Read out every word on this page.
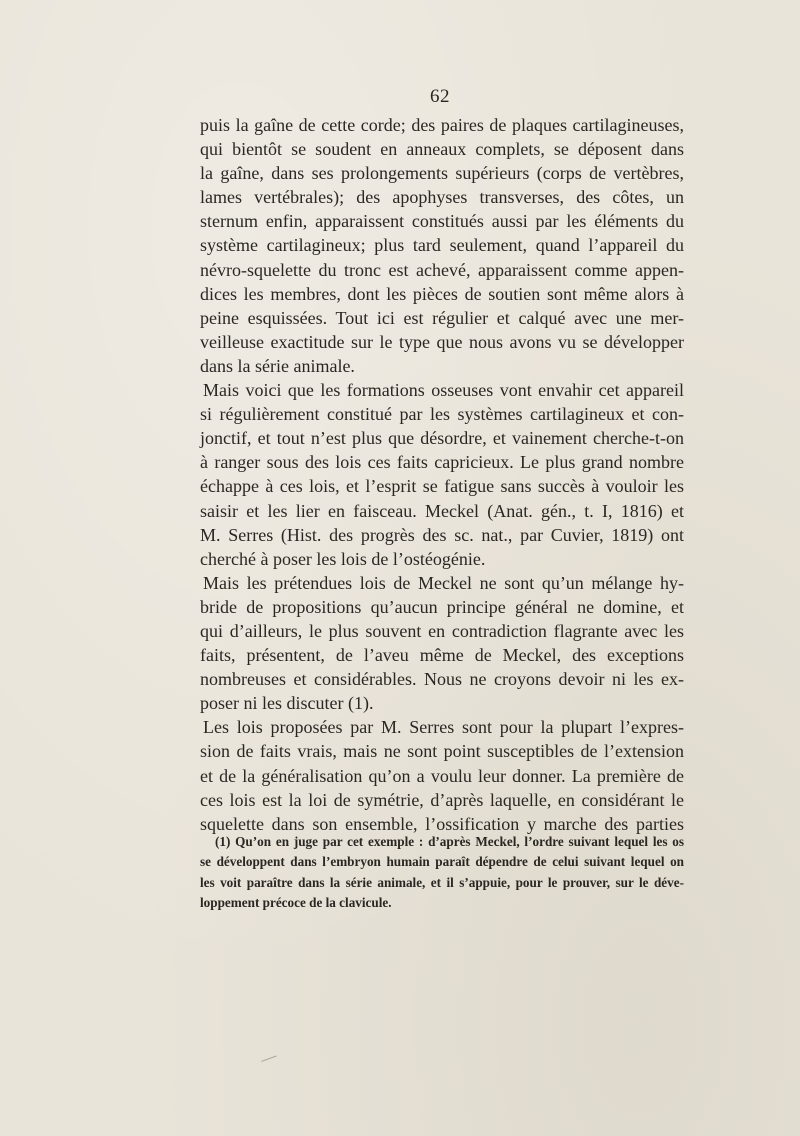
62
puis la gaîne de cette corde; des paires de plaques cartilagineuses,
qui bientôt se soudent en anneaux complets, se déposent dans
la gaîne, dans ses prolongements supérieurs (corps de vertèbres,
lames vertébrales); des apophyses transverses, des côtes, un
sternum enfin, apparaissent constitués aussi par les éléments du
système cartilagineux; plus tard seulement, quand l’appareil du
névro-squelette du tronc est achevé, apparaissent comme appen-
dices les membres, dont les pièces de soutien sont même alors à
peine esquissées. Tout ici est régulier et calqué avec une mer-
veilleuse exactitude sur le type que nous avons vu se développer
dans la série animale.
Mais voici que les formations osseuses vont envahir cet appareil
si régulièrement constitué par les systèmes cartilagineux et con-
jonctif, et tout n’est plus que désordre, et vainement cherche-t-on
à ranger sous des lois ces faits capricieux. Le plus grand nombre
échappe à ces lois, et l’esprit se fatigue sans succès à vouloir les
saisir et les lier en faisceau. Meckel (Anat. gén., t. I, 1816) et
M. Serres (Hist. des progrès des sc. nat., par Cuvier, 1819) ont
cherché à poser les lois de l’ostéogénie.
Mais les prétendues lois de Meckel ne sont qu’un mélange hy-
bride de propositions qu’aucun principe général ne domine, et
qui d’ailleurs, le plus souvent en contradiction flagrante avec les
faits, présentent, de l’aveu même de Meckel, des exceptions
nombreuses et considérables. Nous ne croyons devoir ni les ex-
poser ni les discuter (1).
Les lois proposées par M. Serres sont pour la plupart l’expres-
sion de faits vrais, mais ne sont point susceptibles de l’extension
et de la généralisation qu’on a voulu leur donner. La première de
ces lois est la loi de symétrie, d’après laquelle, en considérant le
squelette dans son ensemble, l’ossification y marche des parties
(1) Qu’on en juge par cet exemple : d’après Meckel, l’ordre suivant lequel les os
se développent dans l’embryon humain paraît dépendre de celui suivant lequel on
les voit paraître dans la série animale, et il s’appuie, pour le prouver, sur le déve-
loppement précoce de la clavicule.
